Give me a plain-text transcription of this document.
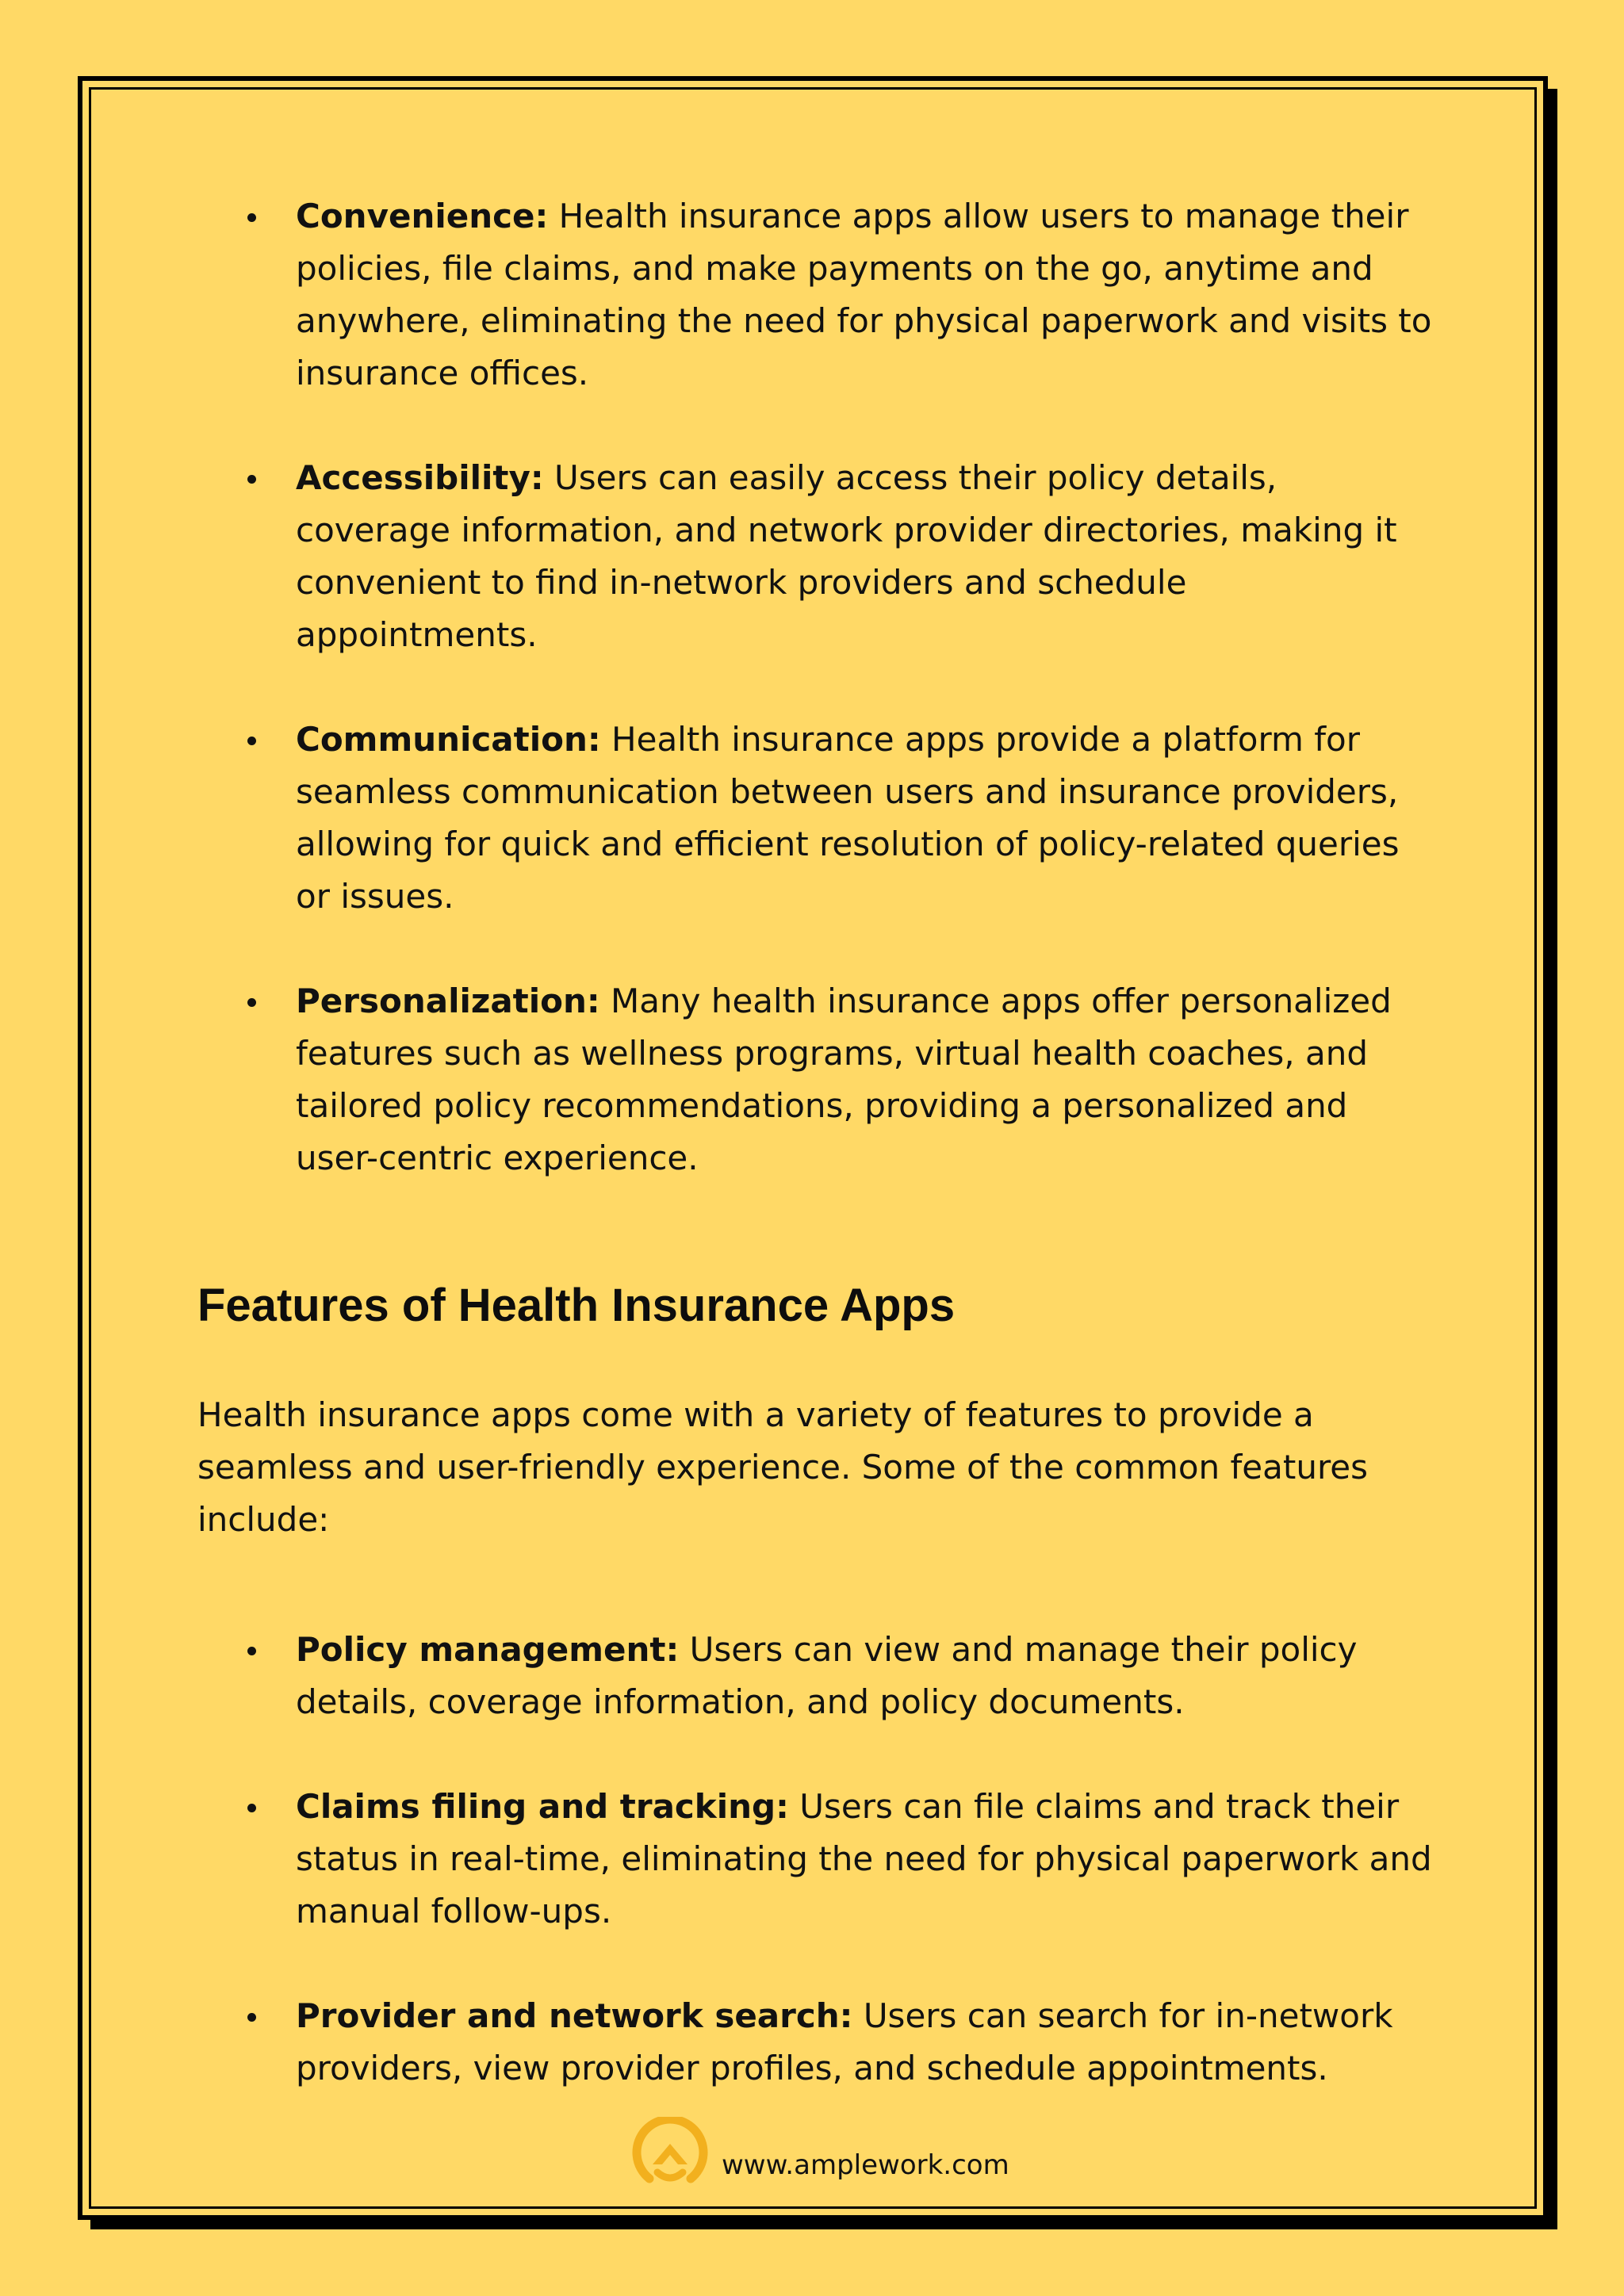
Convenience: Health insurance apps allow users to manage their policies, file claims, and make payments on the go, anytime and anywhere, eliminating the need for physical paperwork and visits to insurance offices.
Accessibility: Users can easily access their policy details, coverage information, and network provider directories, making it convenient to find in-network providers and schedule appointments.
Communication: Health insurance apps provide a platform for seamless communication between users and insurance providers, allowing for quick and efficient resolution of policy-related queries or issues.
Personalization: Many health insurance apps offer personalized features such as wellness programs, virtual health coaches, and tailored policy recommendations, providing a personalized and user-centric experience.
Features of Health Insurance Apps

Health insurance apps come with a variety of features to provide a seamless and user-friendly experience. Some of the common features include:

Policy management: Users can view and manage their policy details, coverage information, and policy documents.
Claims filing and tracking: Users can file claims and track their status in real-time, eliminating the need for physical paperwork and manual follow-ups.
Provider and network search: Users can search for in-network providers, view provider profiles, and schedule appointments.
www.amplework.com
